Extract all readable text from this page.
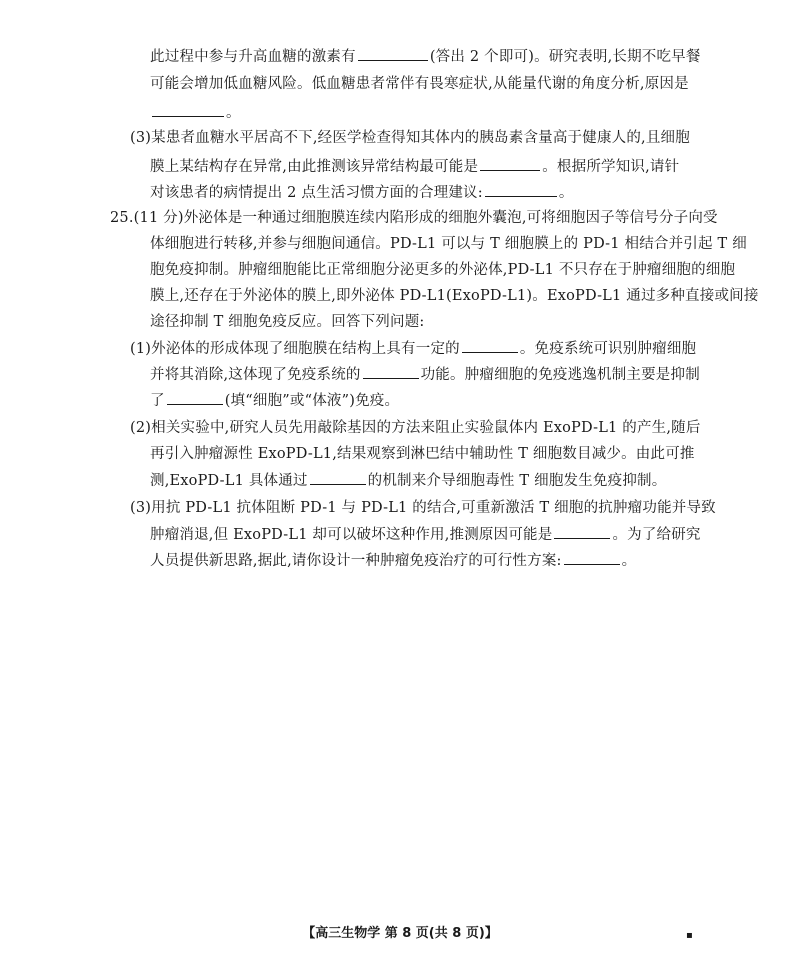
此过程中参与升高血糖的激素有	(答出 2 个即可)。研究表明,长期不吃早餐
可能会增加低血糖风险。低血糖患者常伴有畏寒症状,从能量代谢的角度分析,原因是
。
(3)某患者血糖水平居高不下,经医学检查得知其体内的胰岛素含量高于健康人的,且细胞
膜上某结构存在异常,由此推测该异常结构最可能是	。根据所学知识,请针
对该患者的病情提出 2 点生活习惯方面的合理建议:	。
25.(11 分)外泌体是一种通过细胞膜连续内陷形成的细胞外囊泡,可将细胞因子等信号分子向受
体细胞进行转移,并参与细胞间通信。PD-L1 可以与 T 细胞膜上的 PD-1 相结合并引起 T 细
胞免疫抑制。肿瘤细胞能比正常细胞分泌更多的外泌体,PD-L1 不只存在于肿瘤细胞的细胞
膜上,还存在于外泌体的膜上,即外泌体 PD-L1(ExoPD-L1)。ExoPD-L1 通过多种直接或间接
途径抑制 T 细胞免疫反应。回答下列问题:
(1)外泌体的形成体现了细胞膜在结构上具有一定的	。免疫系统可识别肿瘤细胞
并将其消除,这体现了免疫系统的	功能。肿瘤细胞的免疫逃逸机制主要是抑制
了	(填“细胞”或“体液”)免疫。
(2)相关实验中,研究人员先用敲除基因的方法来阻止实验鼠体内 ExoPD-L1 的产生,随后
再引入肿瘤源性 ExoPD-L1,结果观察到淋巴结中辅助性 T 细胞数目减少。由此可推
测,ExoPD-L1 具体通过	的机制来介导细胞毒性 T 细胞发生免疫抑制。
(3)用抗 PD-L1 抗体阻断 PD-1 与 PD-L1 的结合,可重新激活 T 细胞的抗肿瘤功能并导致
肿瘤消退,但 ExoPD-L1 却可以破坏这种作用,推测原因可能是	。为了给研究
人员提供新思路,据此,请你设计一种肿瘤免疫治疗的可行性方案:	。
【高三生物学 第 8 页(共 8 页)】	▪
